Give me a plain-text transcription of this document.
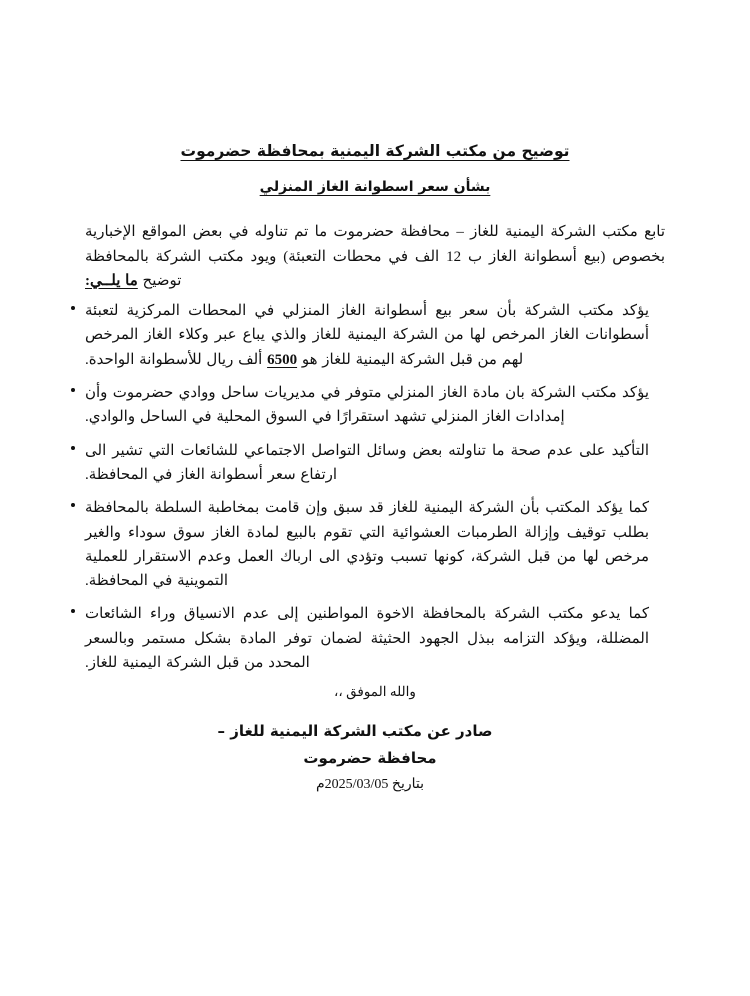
توضيح من مكتب الشركة اليمنية بمحافظة حضرموت بشأن سعر اسطوانة الغاز المنزلي

تابع مكتب الشركة اليمنية للغاز – محافظة حضرموت ما تم تناوله في بعض المواقع الإخبارية بخصوص (بيع أسطوانة الغاز ب 12 الف في محطات التعبئة) ويود مكتب الشركة بالمحافظة توضيح ما يلــي:

يؤكد مكتب الشركة بأن سعر بيع أسطوانة الغاز المنزلي في المحطات المركزية لتعبئة أسطوانات الغاز المرخص لها من الشركة اليمنية للغاز والذي يباع عبر وكلاء الغاز المرخص لهم من قبل الشركة اليمنية للغاز هو 6500 ألف ريال للأسطوانة الواحدة.
يؤكد مكتب الشركة بان مادة الغاز المنزلي متوفر في مديريات ساحل ووادي حضرموت وأن إمدادات الغاز المنزلي تشهد استقرارًا في السوق المحلية في الساحل والوادي.
التأكيد على عدم صحة ما تناولته بعض وسائل التواصل الاجتماعي للشائعات التي تشير الى ارتفاع سعر أسطوانة الغاز في المحافظة.
كما يؤكد المكتب بأن الشركة اليمنية للغاز قد سبق وإن قامت بمخاطبة السلطة بالمحافظة بطلب توقيف وإزالة الطرمبات العشوائية التي تقوم بالبيع لمادة الغاز سوق سوداء والغير مرخص لها من قبل الشركة، كونها تسبب وتؤدي الى ارباك العمل وعدم الاستقرار للعملية التموينية في المحافظة.
كما يدعو مكتب الشركة بالمحافظة الاخوة المواطنين إلى عدم الانسياق وراء الشائعات المضللة، ويؤكد التزامه ببذل الجهود الحثيثة لضمان توفر المادة بشكل مستمر وبالسعر المحدد من قبل الشركة اليمنية للغاز.

والله الموفق ،،

صادر عن مكتب الشركة اليمنية للغاز –

محافظة حضرموت

بتاريخ 2025/03/05م
